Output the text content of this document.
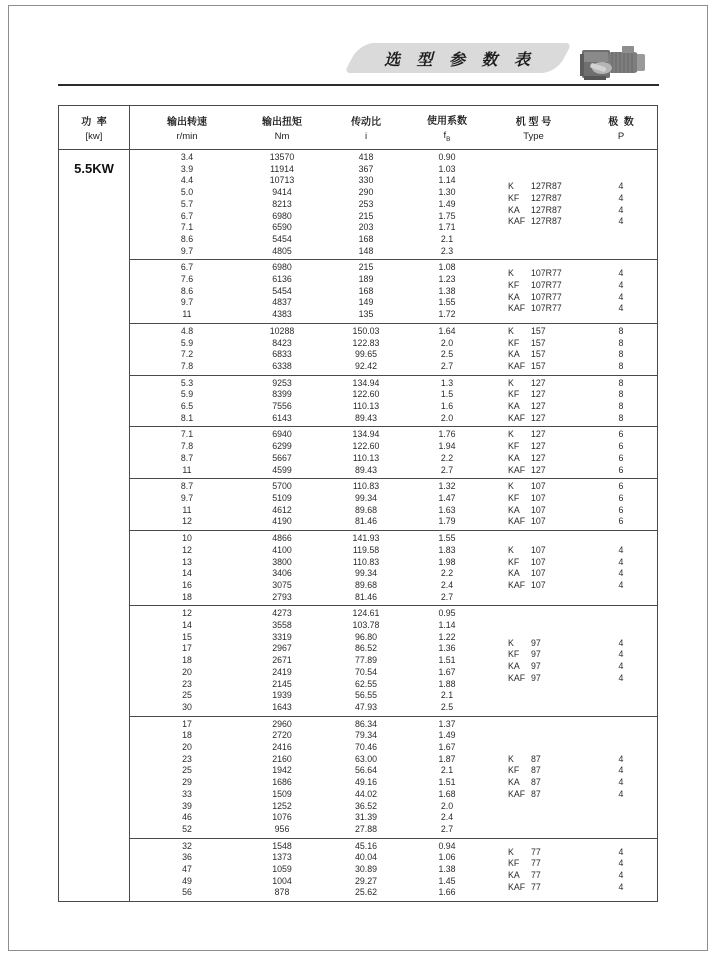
选 型 参 数 表
功  率
[kw]
输出转速
r/min
输出扭矩
Nm
传动比
i
使用系数
$f_B$
机 型 号
Type
极  数
P
5.5KW
3.4
3.9
4.4
5.0
5.7
6.7
7.1
8.6
9.7
13570
11914
10713
9414
8213
6980
6590
5454
4805
418
367
330
290
253
215
203
168
148
0.90
1.03
1.14
1.30
1.49
1.75
1.71
2.1
2.3
K 127R87
KF 127R87
KA 127R87
KAF 127R87
4
4
4
4
6.7
7.6
8.6
9.7
11
6980
6136
5454
4837
4383
215
189
168
149
135
1.08
1.23
1.38
1.55
1.72
K 107R77
KF 107R77
KA 107R77
KAF 107R77
4
4
4
4
4.8
5.9
7.2
7.8
10288
8423
6833
6338
150.03
122.83
99.65
92.42
1.64
2.0
2.5
2.7
K 157
KF 157
KA 157
KAF 157
8
8
8
8
5.3
5.9
6.5
8.1
9253
8399
7556
6143
134.94
122.60
110.13
89.43
1.3
1.5
1.6
2.0
K 127
KF 127
KA 127
KAF 127
8
8
8
8
7.1
7.8
8.7
11
6940
6299
5667
4599
134.94
122.60
110.13
89.43
1.76
1.94
2.2
2.7
K 127
KF 127
KA 127
KAF 127
6
6
6
6
8.7
9.7
11
12
5700
5109
4612
4190
110.83
99.34
89.68
81.46
1.32
1.47
1.63
1.79
K 107
KF 107
KA 107
KAF 107
6
6
6
6
10
12
13
14
16
18
4866
4100
3800
3406
3075
2793
141.93
119.58
110.83
99.34
89.68
81.46
1.55
1.83
1.98
2.2
2.4
2.7
K 107
KF 107
KA 107
KAF 107
4
4
4
4
12
14
15
17
18
20
23
25
30
4273
3558
3319
2967
2671
2419
2145
1939
1643
124.61
103.78
96.80
86.52
77.89
70.54
62.55
56.55
47.93
0.95
1.14
1.22
1.36
1.51
1.67
1.88
2.1
2.5
K 97
KF 97
KA 97
KAF 97
4
4
4
4
17
18
20
23
25
29
33
39
46
52
2960
2720
2416
2160
1942
1686
1509
1252
1076
956
86.34
79.34
70.46
63.00
56.64
49.16
44.02
36.52
31.39
27.88
1.37
1.49
1.67
1.87
2.1
1.51
1.68
2.0
2.4
2.7
K 87
KF 87
KA 87
KAF 87
4
4
4
4
32
36
47
49
56
1548
1373
1059
1004
878
45.16
40.04
30.89
29.27
25.62
0.94
1.06
1.38
1.45
1.66
K 77
KF 77
KA 77
KAF 77
4
4
4
4
